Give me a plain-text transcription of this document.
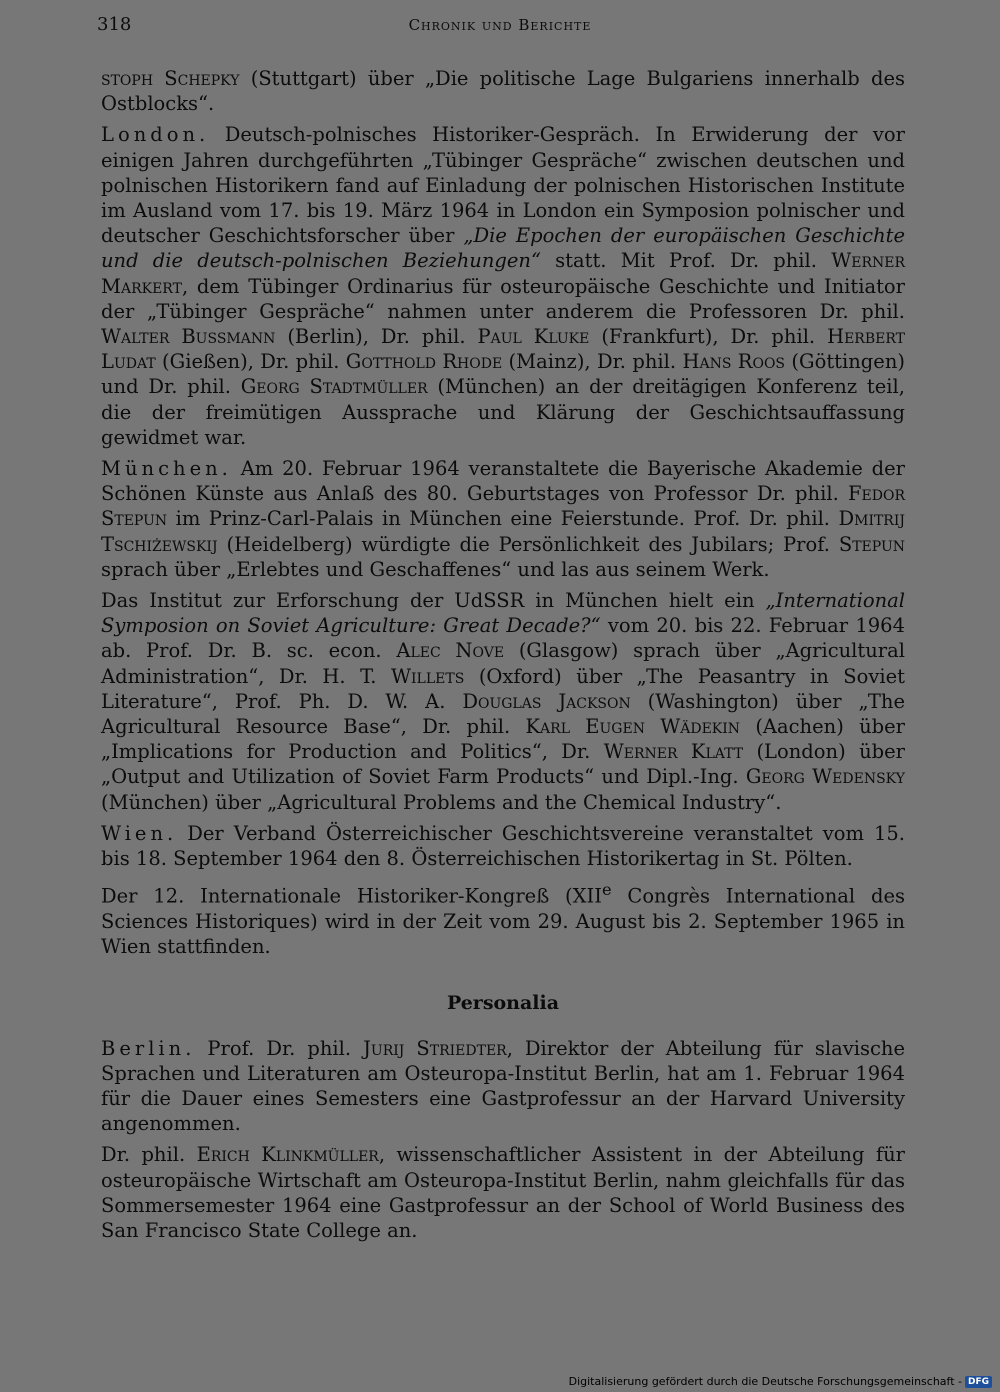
318	Chronik und Berichte

stoph Schepky (Stuttgart) über „Die politische Lage Bulgariens innerhalb des Ostblocks“.

London. Deutsch-polnisches Historiker-Gespräch. In Erwiderung der vor einigen Jahren durchgeführten „Tübinger Gespräche“ zwischen deutschen und polnischen Historikern fand auf Einladung der polnischen Historischen Institute im Ausland vom 17. bis 19. März 1964 in London ein Symposion polnischer und deutscher Geschichtsforscher über „Die Epochen der europäischen Geschichte und die deutsch-polnischen Beziehungen“ statt. Mit Prof. Dr. phil. Werner Markert, dem Tübinger Ordinarius für osteuropäische Geschichte und Initiator der „Tübinger Gespräche“ nahmen unter anderem die Professoren Dr. phil. Walter Bussmann (Berlin), Dr. phil. Paul Kluke (Frankfurt), Dr. phil. Herbert Ludat (Gießen), Dr. phil. Gotthold Rhode (Mainz), Dr. phil. Hans Roos (Göttingen) und Dr. phil. Georg Stadtmüller (München) an der dreitägigen Konferenz teil, die der freimütigen Aussprache und Klärung der Geschichtsauffassung gewidmet war.

München. Am 20. Februar 1964 veranstaltete die Bayerische Akademie der Schönen Künste aus Anlaß des 80. Geburtstages von Professor Dr. phil. Fedor Stepun im Prinz-Carl-Palais in München eine Feierstunde. Prof. Dr. phil. Dmitrij Tschiżewskij (Heidelberg) würdigte die Persönlichkeit des Jubilars; Prof. Stepun sprach über „Erlebtes und Geschaffenes“ und las aus seinem Werk.

Das Institut zur Erforschung der UdSSR in München hielt ein „International Symposion on Soviet Agriculture: Great Decade?“ vom 20. bis 22. Februar 1964 ab. Prof. Dr. B. sc. econ. Alec Nove (Glasgow) sprach über „Agricultural Administration“, Dr. H. T. Willets (Oxford) über „The Peasantry in Soviet Literature“, Prof. Ph. D. W. A. Douglas Jackson (Washington) über „The Agricultural Resource Base“, Dr. phil. Karl Eugen Wädekin (Aachen) über „Implications for Production and Politics“, Dr. Werner Klatt (London) über „Output and Utilization of Soviet Farm Products“ und Dipl.-Ing. Georg Wedensky (München) über „Agricultural Problems and the Chemical Industry“.

Wien. Der Verband Österreichischer Geschichtsvereine veranstaltet vom 15. bis 18. September 1964 den 8. Österreichischen Historikertag in St. Pölten.

Der 12. Internationale Historiker-Kongreß (XIIe Congrès International des Sciences Historiques) wird in der Zeit vom 29. August bis 2. September 1965 in Wien stattfinden.

Personalia

Berlin. Prof. Dr. phil. Jurij Striedter, Direktor der Abteilung für slavische Sprachen und Literaturen am Osteuropa-Institut Berlin, hat am 1. Februar 1964 für die Dauer eines Semesters eine Gastprofessur an der Harvard University angenommen.

Dr. phil. Erich Klinkmüller, wissenschaftlicher Assistent in der Abteilung für osteuropäische Wirtschaft am Osteuropa-Institut Berlin, nahm gleichfalls für das Sommersemester 1964 eine Gastprofessur an der School of World Business des San Francisco State College an.

Digitalisierung gefördert durch die Deutsche Forschungsgemeinschaft - DFG
